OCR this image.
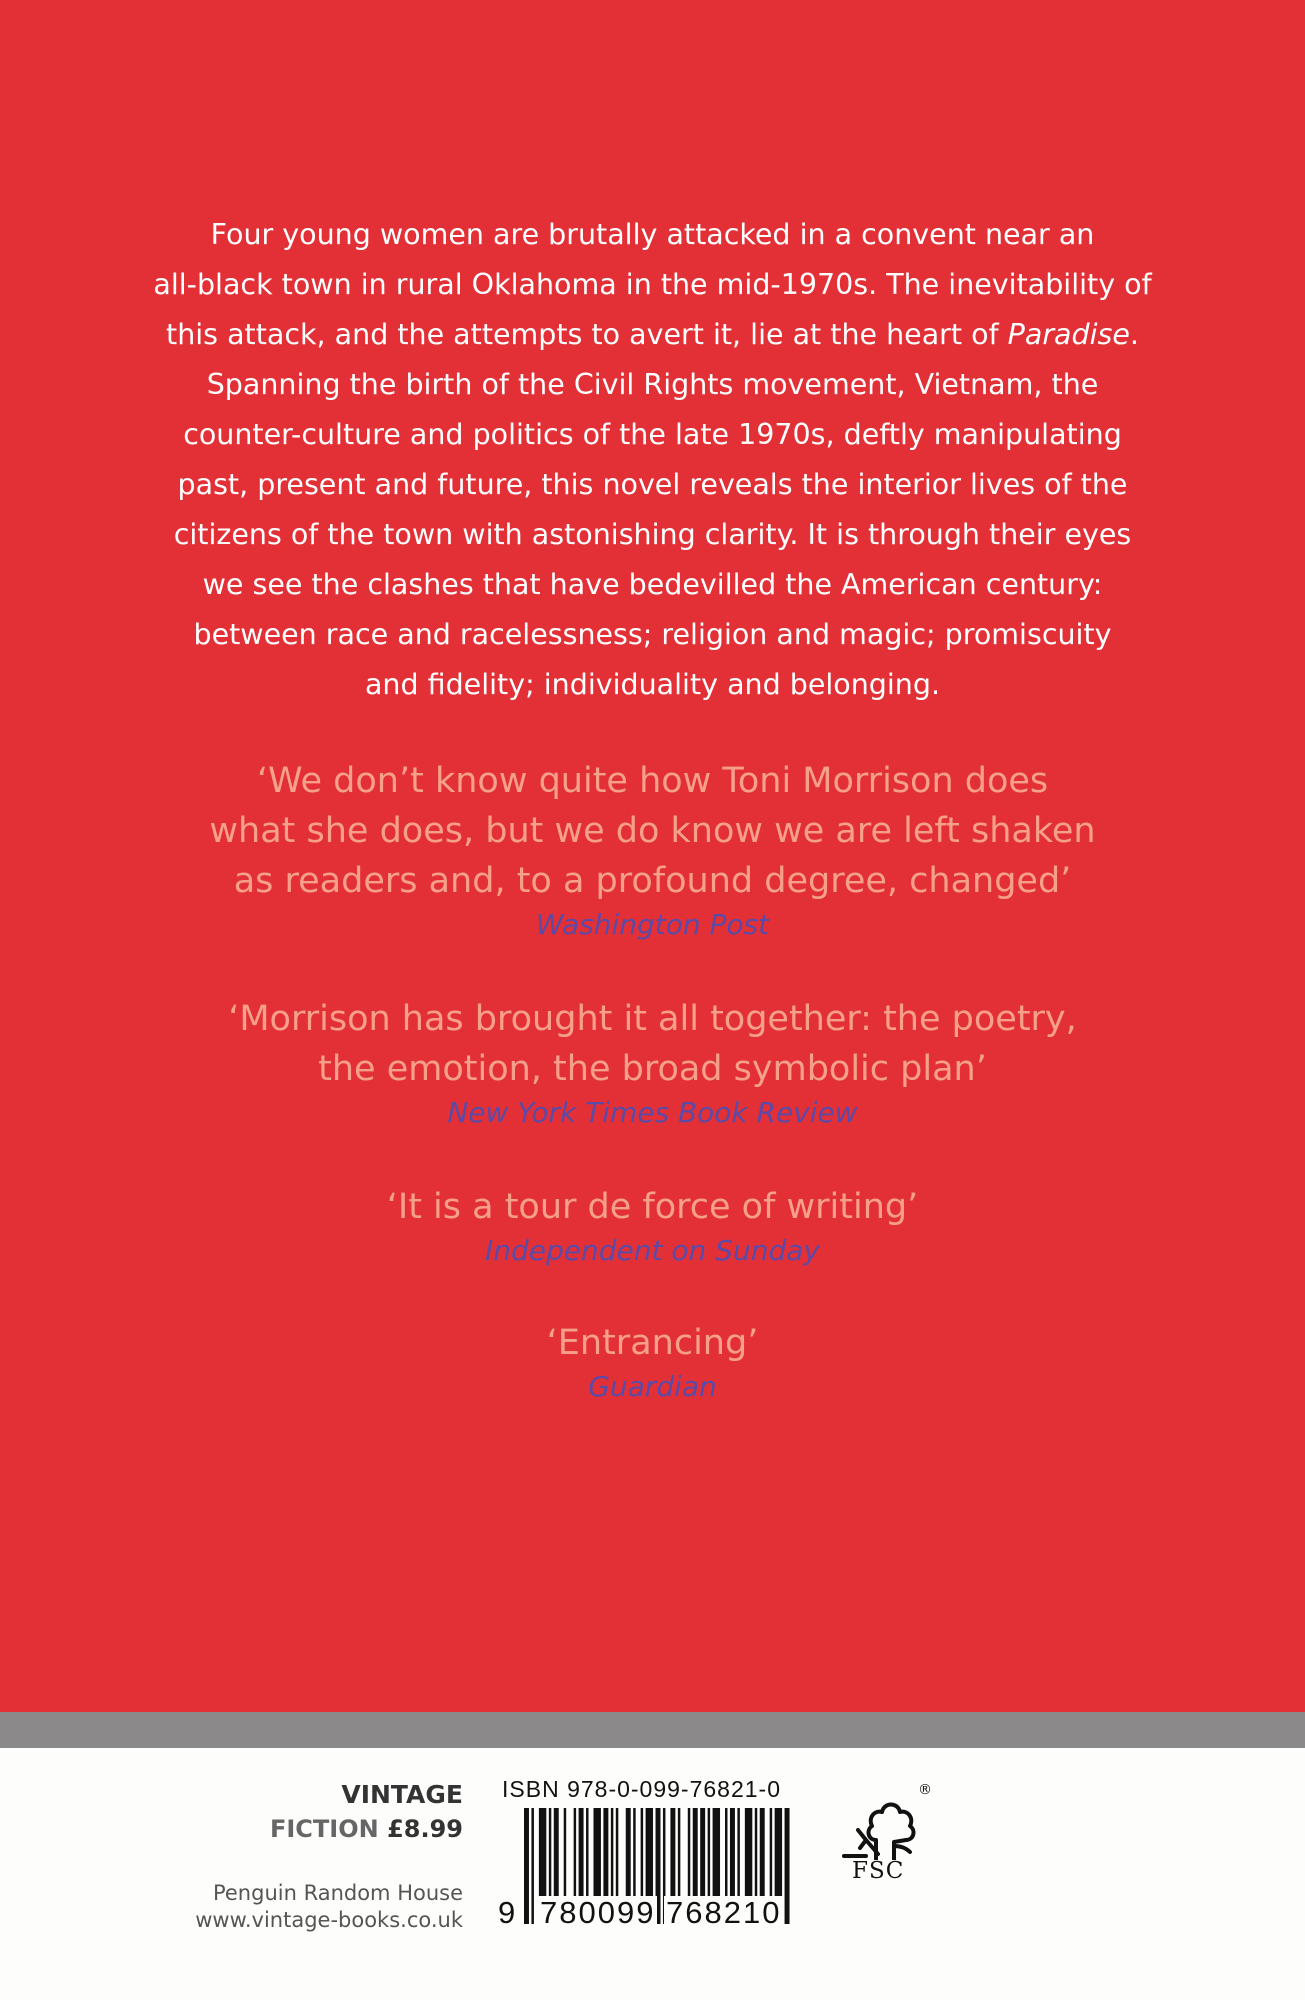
Four young women are brutally attacked in a convent near an
all-black town in rural Oklahoma in the mid-1970s. The inevitability of
this attack, and the attempts to avert it, lie at the heart of Paradise.
Spanning the birth of the Civil Rights movement, Vietnam, the
counter-culture and politics of the late 1970s, deftly manipulating
past, present and future, this novel reveals the interior lives of the
citizens of the town with astonishing clarity. It is through their eyes
we see the clashes that have bedevilled the American century:
between race and racelessness; religion and magic; promiscuity
and fidelity; individuality and belonging.
‘We don’t know quite how Toni Morrison does
what she does, but we do know we are left shaken
as readers and, to a profound degree, changed’
Washington Post
‘Morrison has brought it all together: the poetry,
the emotion, the broad symbolic plan’
New York Times Book Review
‘It is a tour de force of writing’
Independent on Sunday
‘Entrancing’
Guardian
VINTAGE
FICTION £8.99
Penguin Random House
www.vintage-books.co.uk
ISBN 978-0-099-76821-0
9 780099 768210
®
FSC
